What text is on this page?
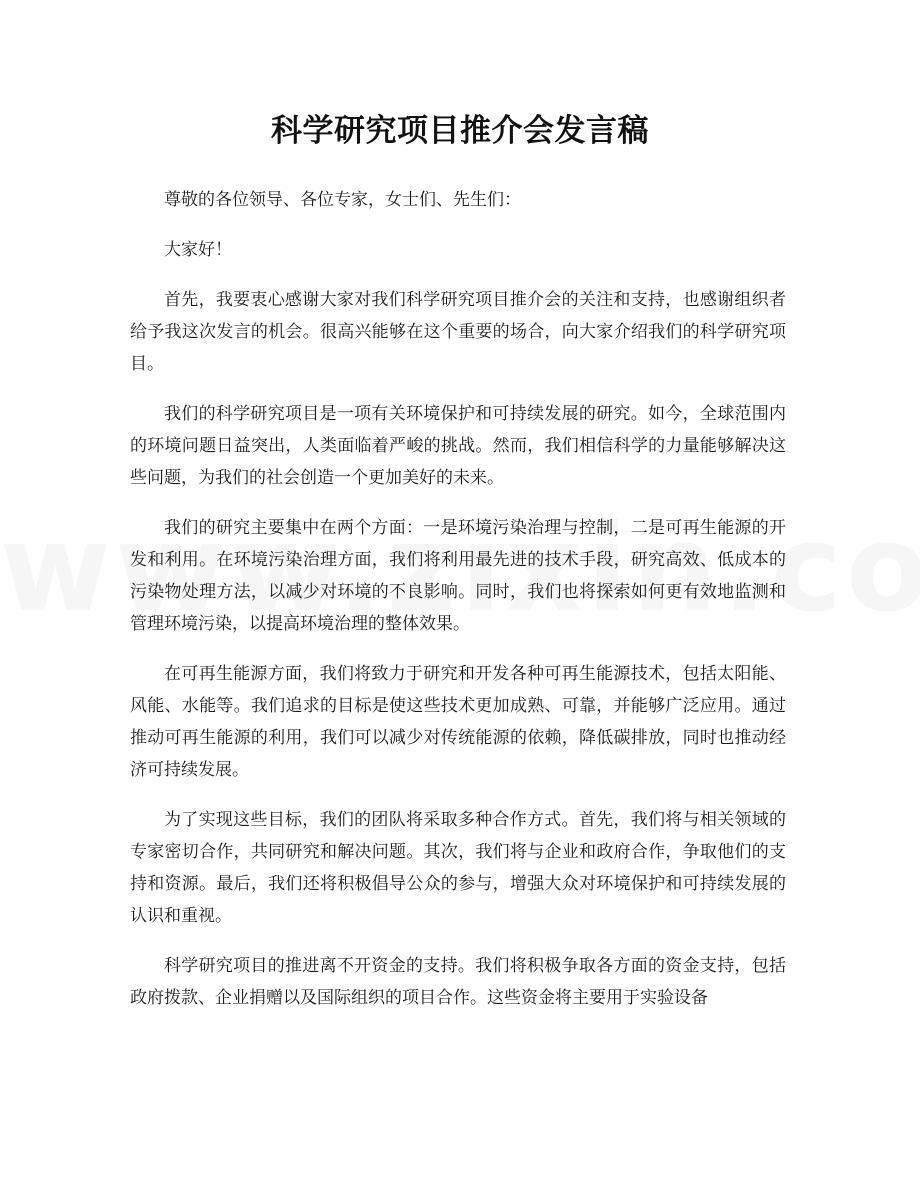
科学研究项目推介会发言稿

尊敬的各位领导、各位专家，女士们、先生们：

大家好！

首先，我要衷心感谢大家对我们科学研究项目推介会的关注和支持，也感谢组织者给予我这次发言的机会。很高兴能够在这个重要的场合，向大家介绍我们的科学研究项目。

我们的科学研究项目是一项有关环境保护和可持续发展的研究。如今，全球范围内的环境问题日益突出，人类面临着严峻的挑战。然而，我们相信科学的力量能够解决这些问题，为我们的社会创造一个更加美好的未来。

我们的研究主要集中在两个方面：一是环境污染治理与控制，二是可再生能源的开发和利用。在环境污染治理方面，我们将利用最先进的技术手段，研究高效、低成本的污染物处理方法，以减少对环境的不良影响。同时，我们也将探索如何更有效地监测和管理环境污染，以提高环境治理的整体效果。

在可再生能源方面，我们将致力于研究和开发各种可再生能源技术，包括太阳能、风能、水能等。我们追求的目标是使这些技术更加成熟、可靠，并能够广泛应用。通过推动可再生能源的利用，我们可以减少对传统能源的依赖，降低碳排放，同时也推动经济可持续发展。

为了实现这些目标，我们的团队将采取多种合作方式。首先，我们将与相关领域的专家密切合作，共同研究和解决问题。其次，我们将与企业和政府合作，争取他们的支持和资源。最后，我们还将积极倡导公众的参与，增强大众对环境保护和可持续发展的认识和重视。

科学研究项目的推进离不开资金的支持。我们将积极争取各方面的资金支持，包括政府拨款、企业捐赠以及国际组织的项目合作。这些资金将主要用于实验设备
